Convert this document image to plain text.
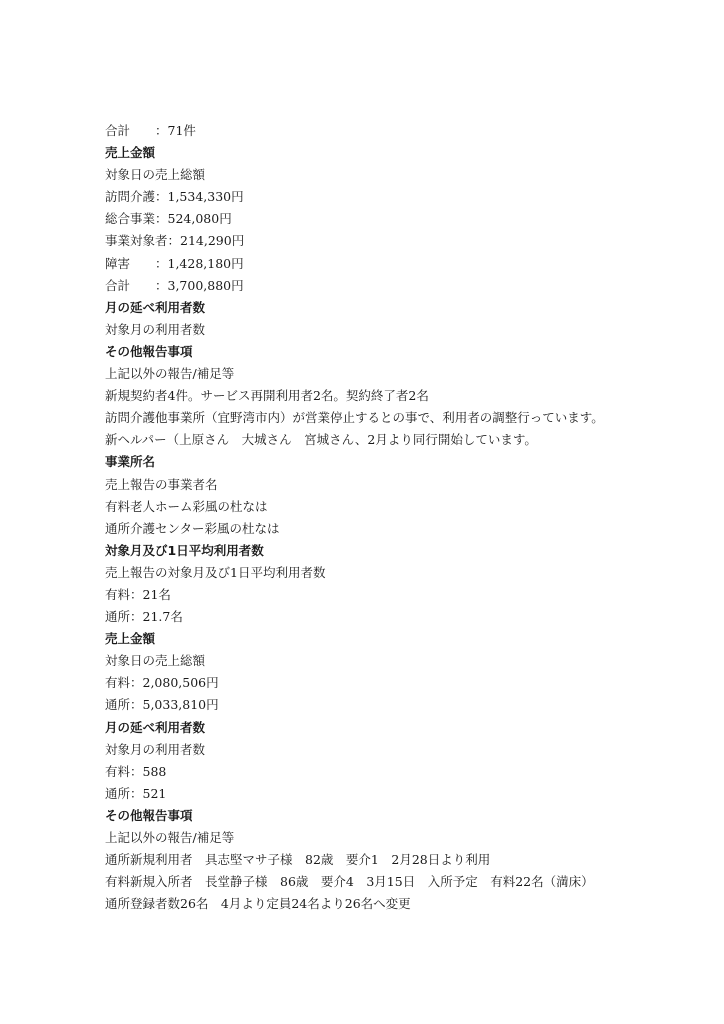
合計　　：71件
売上金額
対象日の売上総額
訪問介護：1,534,330円
総合事業：524,080円
事業対象者：214,290円
障害　　：1,428,180円
合計　　：3,700,880円
月の延べ利用者数
対象月の利用者数
その他報告事項
上記以外の報告/補足等
新規契約者4件。サービス再開利用者2名。契約終了者2名
訪問介護他事業所（宜野湾市内）が営業停止するとの事で、利用者の調整行っています。
新ヘルパー（上原さん　大城さん　宮城さん、2月より同行開始しています。
事業所名
売上報告の事業者名
有料老人ホーム彩風の杜なは
通所介護センター彩風の杜なは
対象月及び1日平均利用者数
売上報告の対象月及び1日平均利用者数
有料：21名
通所：21.7名
売上金額
対象日の売上総額
有料：2,080,506円
通所：5,033,810円
月の延べ利用者数
対象月の利用者数
有料：588
通所：521
その他報告事項
上記以外の報告/補足等
通所新規利用者　具志堅マサ子様　82歳　要介1　2月28日より利用
有料新規入所者　長堂静子様　86歳　要介4　3月15日　入所予定　有料22名（満床）
通所登録者数26名　4月より定員24名より26名へ変更
